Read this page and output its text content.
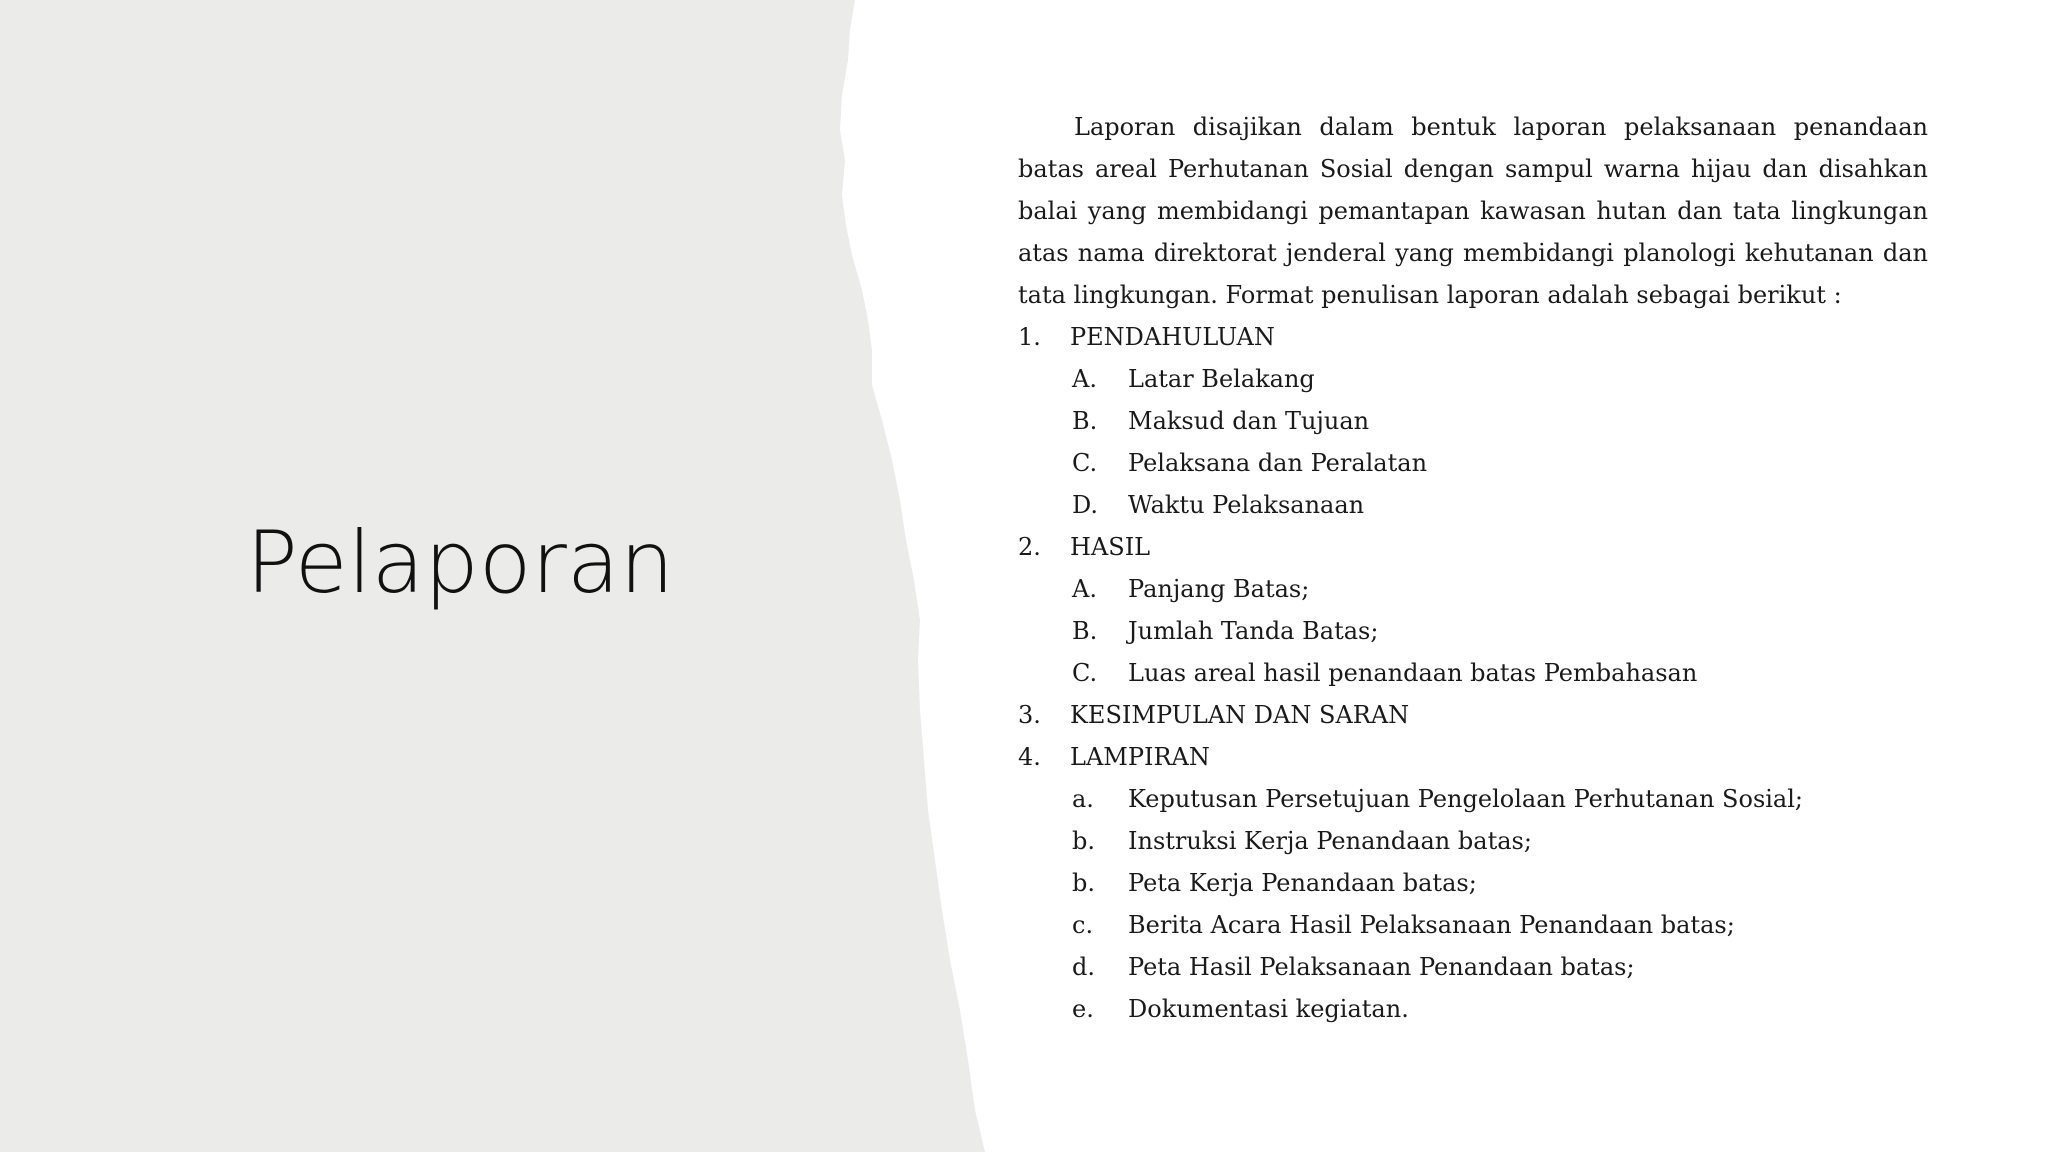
Pelaporan

Laporan disajikan dalam bentuk laporan pelaksanaan penandaan batas areal Perhutanan Sosial dengan sampul warna hijau dan disahkan balai yang membidangi pemantapan kawasan hutan dan tata lingkungan atas nama direktorat jenderal yang membidangi planologi kehutanan dan tata lingkungan. Format penulisan laporan adalah sebagai berikut :

1. PENDAHULUAN
A. Latar Belakang
B. Maksud dan Tujuan
C. Pelaksana dan Peralatan
D. Waktu Pelaksanaan
2. HASIL
A. Panjang Batas;
B. Jumlah Tanda Batas;
C. Luas areal hasil penandaan batas Pembahasan
3. KESIMPULAN DAN SARAN
4. LAMPIRAN
a. Keputusan Persetujuan Pengelolaan Perhutanan Sosial;
b. Instruksi Kerja Penandaan batas;
b. Peta Kerja Penandaan batas;
c. Berita Acara Hasil Pelaksanaan Penandaan batas;
d. Peta Hasil Pelaksanaan Penandaan batas;
e. Dokumentasi kegiatan.
